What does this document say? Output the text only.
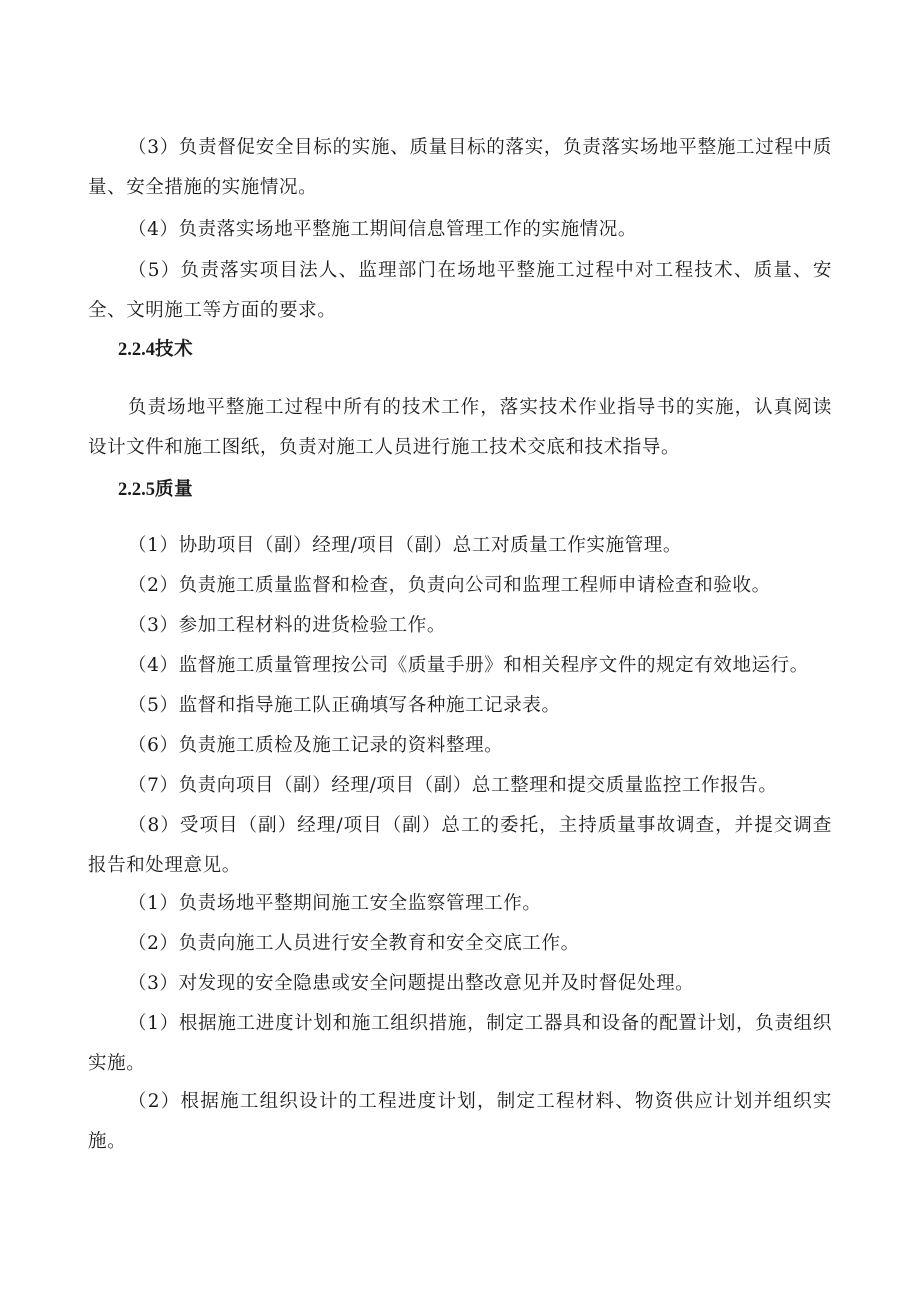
（3）负责督促安全目标的实施、质量目标的落实，负责落实场地平整施工过程中质量、安全措施的实施情况。

（4）负责落实场地平整施工期间信息管理工作的实施情况。

（5）负责落实项目法人、监理部门在场地平整施工过程中对工程技术、质量、安全、文明施工等方面的要求。

2.2.4技术

负责场地平整施工过程中所有的技术工作，落实技术作业指导书的实施，认真阅读设计文件和施工图纸，负责对施工人员进行施工技术交底和技术指导。

2.2.5质量

（1）协助项目（副）经理/项目（副）总工对质量工作实施管理。

（2）负责施工质量监督和检查，负责向公司和监理工程师申请检查和验收。

（3）参加工程材料的进货检验工作。

（4）监督施工质量管理按公司《质量手册》和相关程序文件的规定有效地运行。

（5）监督和指导施工队正确填写各种施工记录表。

（6）负责施工质检及施工记录的资料整理。

（7）负责向项目（副）经理/项目（副）总工整理和提交质量监控工作报告。

（8）受项目（副）经理/项目（副）总工的委托，主持质量事故调查，并提交调查报告和处理意见。

（1）负责场地平整期间施工安全监察管理工作。

（2）负责向施工人员进行安全教育和安全交底工作。

（3）对发现的安全隐患或安全问题提出整改意见并及时督促处理。

（1）根据施工进度计划和施工组织措施，制定工器具和设备的配置计划，负责组织实施。

（2）根据施工组织设计的工程进度计划，制定工程材料、物资供应计划并组织实施。
